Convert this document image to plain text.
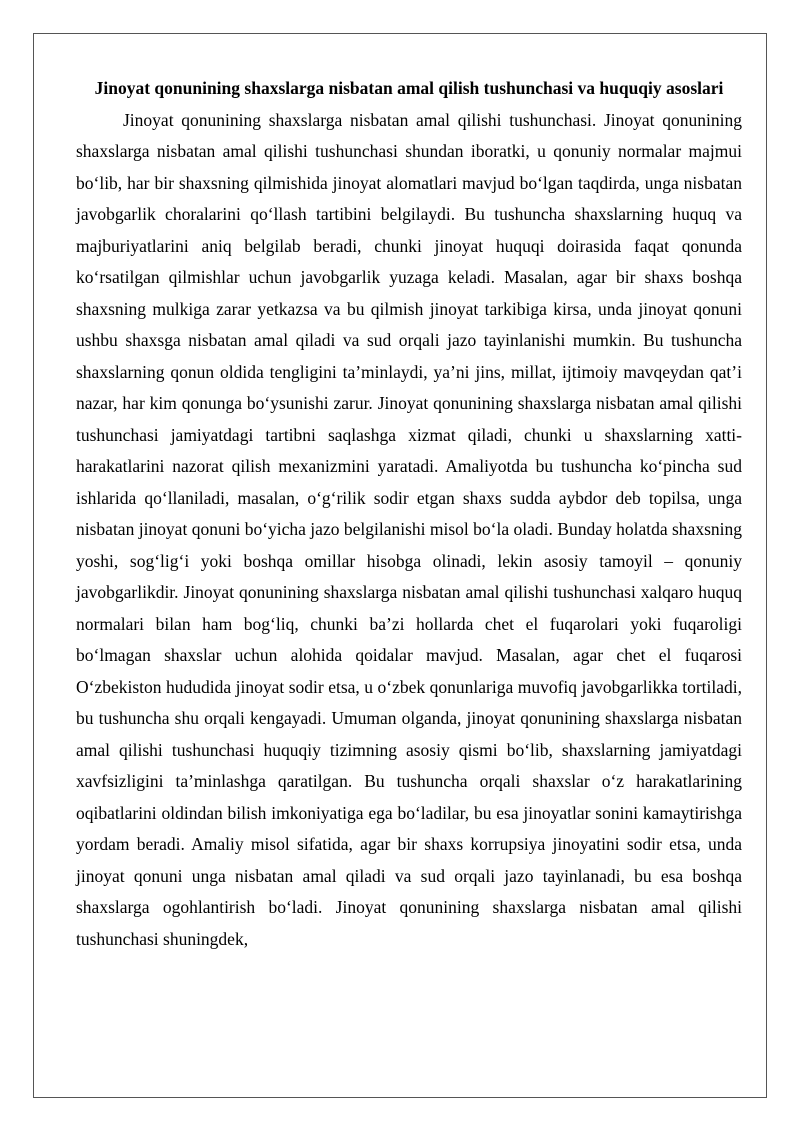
Jinoyat qonunining shaxslarga nisbatan amal qilish tushunchasi va huquqiy asoslari

Jinoyat qonunining shaxslarga nisbatan amal qilishi tushunchasi. Jinoyat qonunining shaxslarga nisbatan amal qilishi tushunchasi shundan iboratki, u qonuniy normalar majmui bo‘lib, har bir shaxsning qilmishida jinoyat alomatlari mavjud bo‘lgan taqdirda, unga nisbatan javobgarlik choralarini qo‘llash tartibini belgilaydi. Bu tushuncha shaxslarning huquq va majburiyatlarini aniq belgilab beradi, chunki jinoyat huquqi doirasida faqat qonunda ko‘rsatilgan qilmishlar uchun javobgarlik yuzaga keladi. Masalan, agar bir shaxs boshqa shaxsning mulkiga zarar yetkazsa va bu qilmish jinoyat tarkibiga kirsa, unda jinoyat qonuni ushbu shaxsga nisbatan amal qiladi va sud orqali jazo tayinlanishi mumkin. Bu tushuncha shaxslarning qonun oldida tengligini ta’minlaydi, ya’ni jins, millat, ijtimoiy mavqeydan qat’i nazar, har kim qonunga bo‘ysunishi zarur. Jinoyat qonunining shaxslarga nisbatan amal qilishi tushunchasi jamiyatdagi tartibni saqlashga xizmat qiladi, chunki u shaxslarning xatti-harakatlarini nazorat qilish mexanizmini yaratadi. Amaliyotda bu tushuncha ko‘pincha sud ishlarida qo‘llaniladi, masalan, o‘g‘rilik sodir etgan shaxs sudda aybdor deb topilsa, unga nisbatan jinoyat qonuni bo‘yicha jazo belgilanishi misol bo‘la oladi. Bunday holatda shaxsning yoshi, sog‘lig‘i yoki boshqa omillar hisobga olinadi, lekin asosiy tamoyil – qonuniy javobgarlikdir. Jinoyat qonunining shaxslarga nisbatan amal qilishi tushunchasi xalqaro huquq normalari bilan ham bog‘liq, chunki ba’zi hollarda chet el fuqarolari yoki fuqaroligi bo‘lmagan shaxslar uchun alohida qoidalar mavjud. Masalan, agar chet el fuqarosi O‘zbekiston hududida jinoyat sodir etsa, u o‘zbek qonunlariga muvofiq javobgarlikka tortiladi, bu tushuncha shu orqali kengayadi. Umuman olganda, jinoyat qonunining shaxslarga nisbatan amal qilishi tushunchasi huquqiy tizimning asosiy qismi bo‘lib, shaxslarning jamiyatdagi xavfsizligini ta’minlashga qaratilgan. Bu tushuncha orqali shaxslar o‘z harakatlarining oqibatlarini oldindan bilish imkoniyatiga ega bo‘ladilar, bu esa jinoyatlar sonini kamaytirishga yordam beradi. Amaliy misol sifatida, agar bir shaxs korrupsiya jinoyatini sodir etsa, unda jinoyat qonuni unga nisbatan amal qiladi va sud orqali jazo tayinlanadi, bu esa boshqa shaxslarga ogohlantirish bo‘ladi. Jinoyat qonunining shaxslarga nisbatan amal qilishi tushunchasi shuningdek,
